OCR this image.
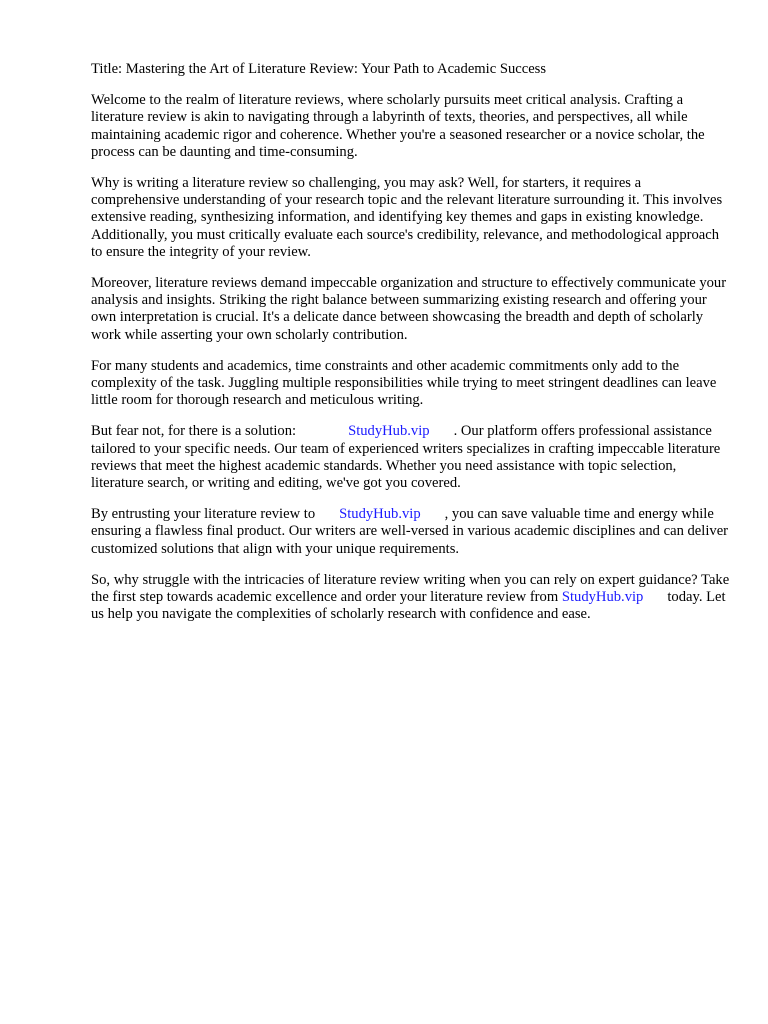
Title: Mastering the Art of Literature Review: Your Path to Academic Success

Welcome to the realm of literature reviews, where scholarly pursuits meet critical analysis. Crafting a literature review is akin to navigating through a labyrinth of texts, theories, and perspectives, all while maintaining academic rigor and coherence. Whether you're a seasoned researcher or a novice scholar, the process can be daunting and time-consuming.

Why is writing a literature review so challenging, you may ask? Well, for starters, it requires a comprehensive understanding of your research topic and the relevant literature surrounding it. This involves extensive reading, synthesizing information, and identifying key themes and gaps in existing knowledge. Additionally, you must critically evaluate each source's credibility, relevance, and methodological approach to ensure the integrity of your review.

Moreover, literature reviews demand impeccable organization and structure to effectively communicate your analysis and insights. Striking the right balance between summarizing existing research and offering your own interpretation is crucial. It's a delicate dance between showcasing the breadth and depth of scholarly work while asserting your own scholarly contribution.

For many students and academics, time constraints and other academic commitments only add to the complexity of the task. Juggling multiple responsibilities while trying to meet stringent deadlines can leave little room for thorough research and meticulous writing.

But fear not, for there is a solution:	StudyHub.vip . Our platform offers professional assistance tailored to your specific needs. Our team of experienced writers specializes in crafting impeccable literature reviews that meet the highest academic standards. Whether you need assistance with topic selection, literature search, or writing and editing, we've got you covered.

By entrusting your literature review to StudyHub.vip , you can save valuable time and energy while ensuring a flawless final product. Our writers are well-versed in various academic disciplines and can deliver customized solutions that align with your unique requirements.

So, why struggle with the intricacies of literature review writing when you can rely on expert guidance? Take the first step towards academic excellence and order your literature review from StudyHub.vip today. Let us help you navigate the complexities of scholarly research with confidence and ease.
